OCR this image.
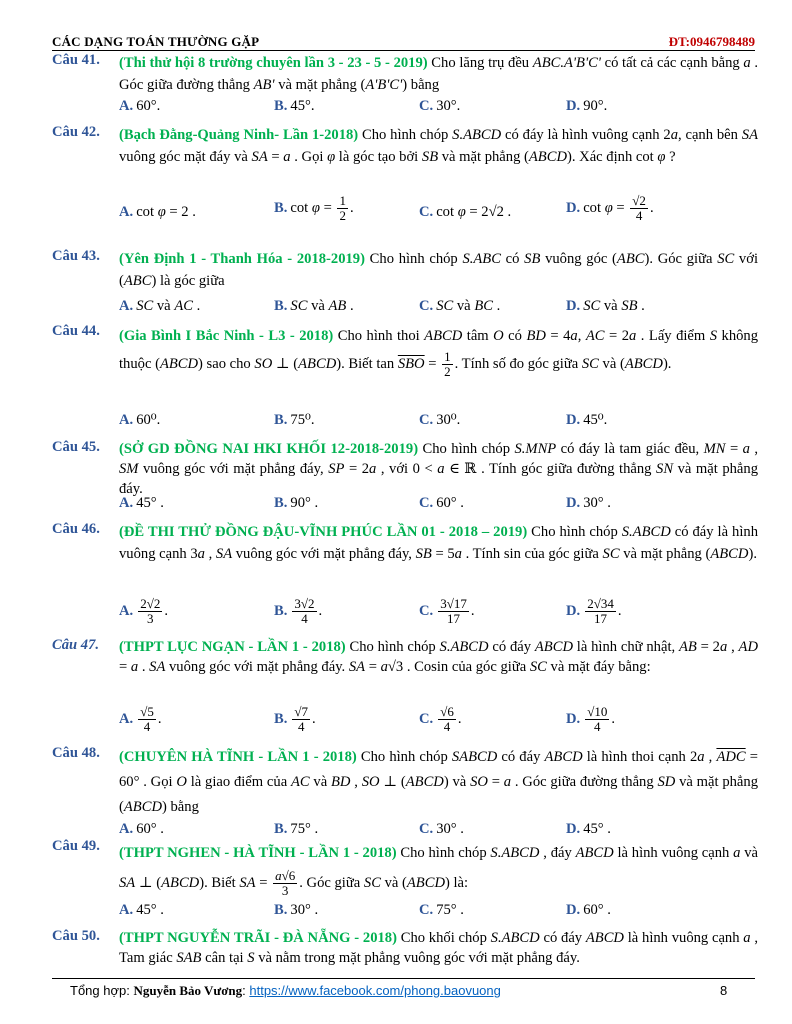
CÁC DẠNG TOÁN THƯỜNG GẶP	ĐT:0946798489
Câu 41. (Thi thử hội 8 trường chuyên lần 3 - 23 - 5 - 2019) Cho lăng trụ đều ABC.A'B'C' có tất cả các cạnh bằng a . Góc giữa đường thẳng AB' và mặt phẳng (A'B'C') bằng
A. 60°.	B. 45°.	C. 30°.	D. 90°.
Câu 42. (Bạch Đằng-Quảng Ninh- Lần 1-2018) Cho hình chóp S.ABCD có đáy là hình vuông cạnh 2a, cạnh bên SA vuông góc mặt đáy và SA = a . Gọi φ là góc tạo bởi SB và mặt phẳng (ABCD). Xác định cot φ ?
A. cot φ = 2 .	B. $\cot \varphi = \frac{1}{2}$ .	C. cot φ = 2√2 .	D. $\cot \varphi = \frac{√2}{4}$ .
Câu 43. (Yên Định 1 - Thanh Hóa - 2018-2019) Cho hình chóp S.ABC có SB vuông góc (ABC). Góc giữa SC với (ABC) là góc giữa
A. SC và AC .	B. SC và AB .	C. SC và BC .	D. SC và SB .
Câu 44. (Gia Bình I Bắc Ninh - L3 - 2018) Cho hình thoi ABCD tâm O có BD = 4a, AC = 2a . Lấy điểm S không thuộc (ABCD) sao cho SO ⊥ (ABCD). Biết $\tan \overline{SBO} = \frac{1}{2}$ . Tính số đo góc giữa SC và (ABCD).
A. 60⁰.	B. 75⁰.	C. 30⁰.	D. 45⁰.
Câu 45. (SỞ GD ĐỒNG NAI HKI KHỐI 12-2018-2019) Cho hình chóp S.MNP có đáy là tam giác đều, MN = a , SM vuông góc với mặt phẳng đáy, SP = 2a , với 0 < a ∈ ℝ . Tính góc giữa đường thẳng SN và mặt phẳng đáy.
A. 45° .	B. 90° .	C. 60° .	D. 30° .
Câu 46. (ĐỀ THI THỬ ĐỒNG ĐẬU-VĨNH PHÚC LẦN 01 - 2018 – 2019) Cho hình chóp S.ABCD có đáy là hình vuông cạnh 3a , SA vuông góc với mặt phẳng đáy, SB = 5a . Tính sin của góc giữa SC và mặt phẳng (ABCD).
A. $\frac{2√2}{3}$ .	B. $\frac{3√2}{4}$ .	C. $\frac{3√17}{17}$ .	D. $\frac{2√34}{17}$ .
Câu 47. (THPT LỤC NGẠN - LẦN 1 - 2018) Cho hình chóp S.ABCD có đáy ABCD là hình chữ nhật, AB = 2a , AD = a . SA vuông góc với mặt phẳng đáy. SA = a√3 . Cosin của góc giữa SC và mặt đáy bằng:
A. $\frac{√5}{4}$ .	B. $\frac{√7}{4}$ .	C. $\frac{√6}{4}$ .	D. $\frac{√10}{4}$ .
Câu 48. (CHUYÊN HÀ TĨNH - LẦN 1 - 2018) Cho hình chóp SABCD có đáy ABCD là hình thoi cạnh 2a , $\overline{ADC} = 60^\circ$ . Gọi O là giao điểm của AC và BD , SO ⊥ (ABCD) và SO = a . Góc giữa đường thẳng SD và mặt phẳng (ABCD) bằng
A. 60° .	B. 75° .	C. 30° .	D. 45° .
Câu 49. (THPT NGHEN - HÀ TĨNH - LẦN 1 - 2018) Cho hình chóp S.ABCD , đáy ABCD là hình vuông cạnh a và SA ⊥ (ABCD). Biết SA = $\frac{a√6}{3}$ . Góc giữa SC và (ABCD) là:
A. 45° .	B. 30° .	C. 75° .	D. 60° .
Câu 50. (THPT NGUYỄN TRÃI - ĐÀ NẴNG - 2018) Cho khối chóp S.ABCD có đáy ABCD là hình vuông cạnh a , Tam giác SAB cân tại S và nằm trong mặt phẳng vuông góc với mặt phẳng đáy.
Tổng hợp: Nguyễn Bảo Vương: https://www.facebook.com/phong.baovuong	8
